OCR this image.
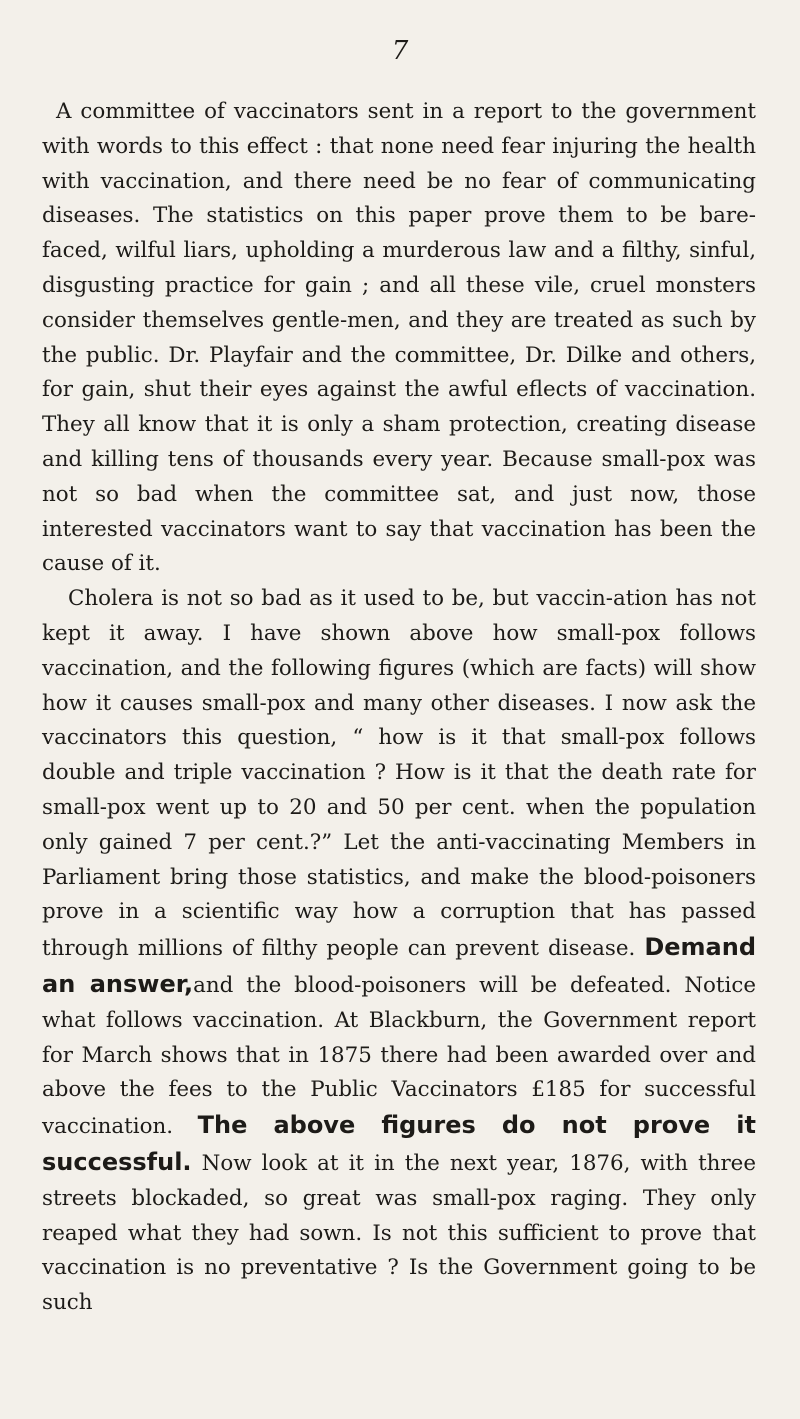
7

A committee of vaccinators sent in a report to the government with words to this effect : that none need fear injuring the health with vaccination, and there need be no fear of communicating diseases. The statistics on this paper prove them to be bare-faced, wilful liars, upholding a murderous law and a filthy, sinful, disgusting practice for gain ; and all these vile, cruel monsters consider themselves gentle-men, and they are treated as such by the public. Dr. Playfair and the committee, Dr. Dilke and others, for gain, shut their eyes against the awful eflects of vaccination. They all know that it is only a sham protection, creating disease and killing tens of thousands every year. Because small-pox was not so bad when the committee sat, and just now, those interested vaccinators want to say that vaccination has been the cause of it.

Cholera is not so bad as it used to be, but vaccin-ation has not kept it away. I have shown above how small-pox follows vaccination, and the following figures (which are facts) will show how it causes small-pox and many other diseases. I now ask the vaccinators this question, “ how is it that small-pox follows double and triple vaccination ? How is it that the death rate for small-pox went up to 20 and 50 per cent. when the population only gained 7 per cent.?” Let the anti-vaccinating Members in Parliament bring those statistics, and make the blood-poisoners prove in a scientific way how a corruption that has passed through millions of filthy people can prevent disease. Demand an answer,and the blood-poisoners will be defeated. Notice what follows vaccination. At Blackburn, the Government report for March shows that in 1875 there had been awarded over and above the fees to the Public Vaccinators £185 for successful vaccination. The above figures do not prove it successful. Now look at it in the next year, 1876, with three streets blockaded, so great was small-pox raging. They only reaped what they had sown. Is not this sufficient to prove that vaccination is no preventative ? Is the Government going to be such
